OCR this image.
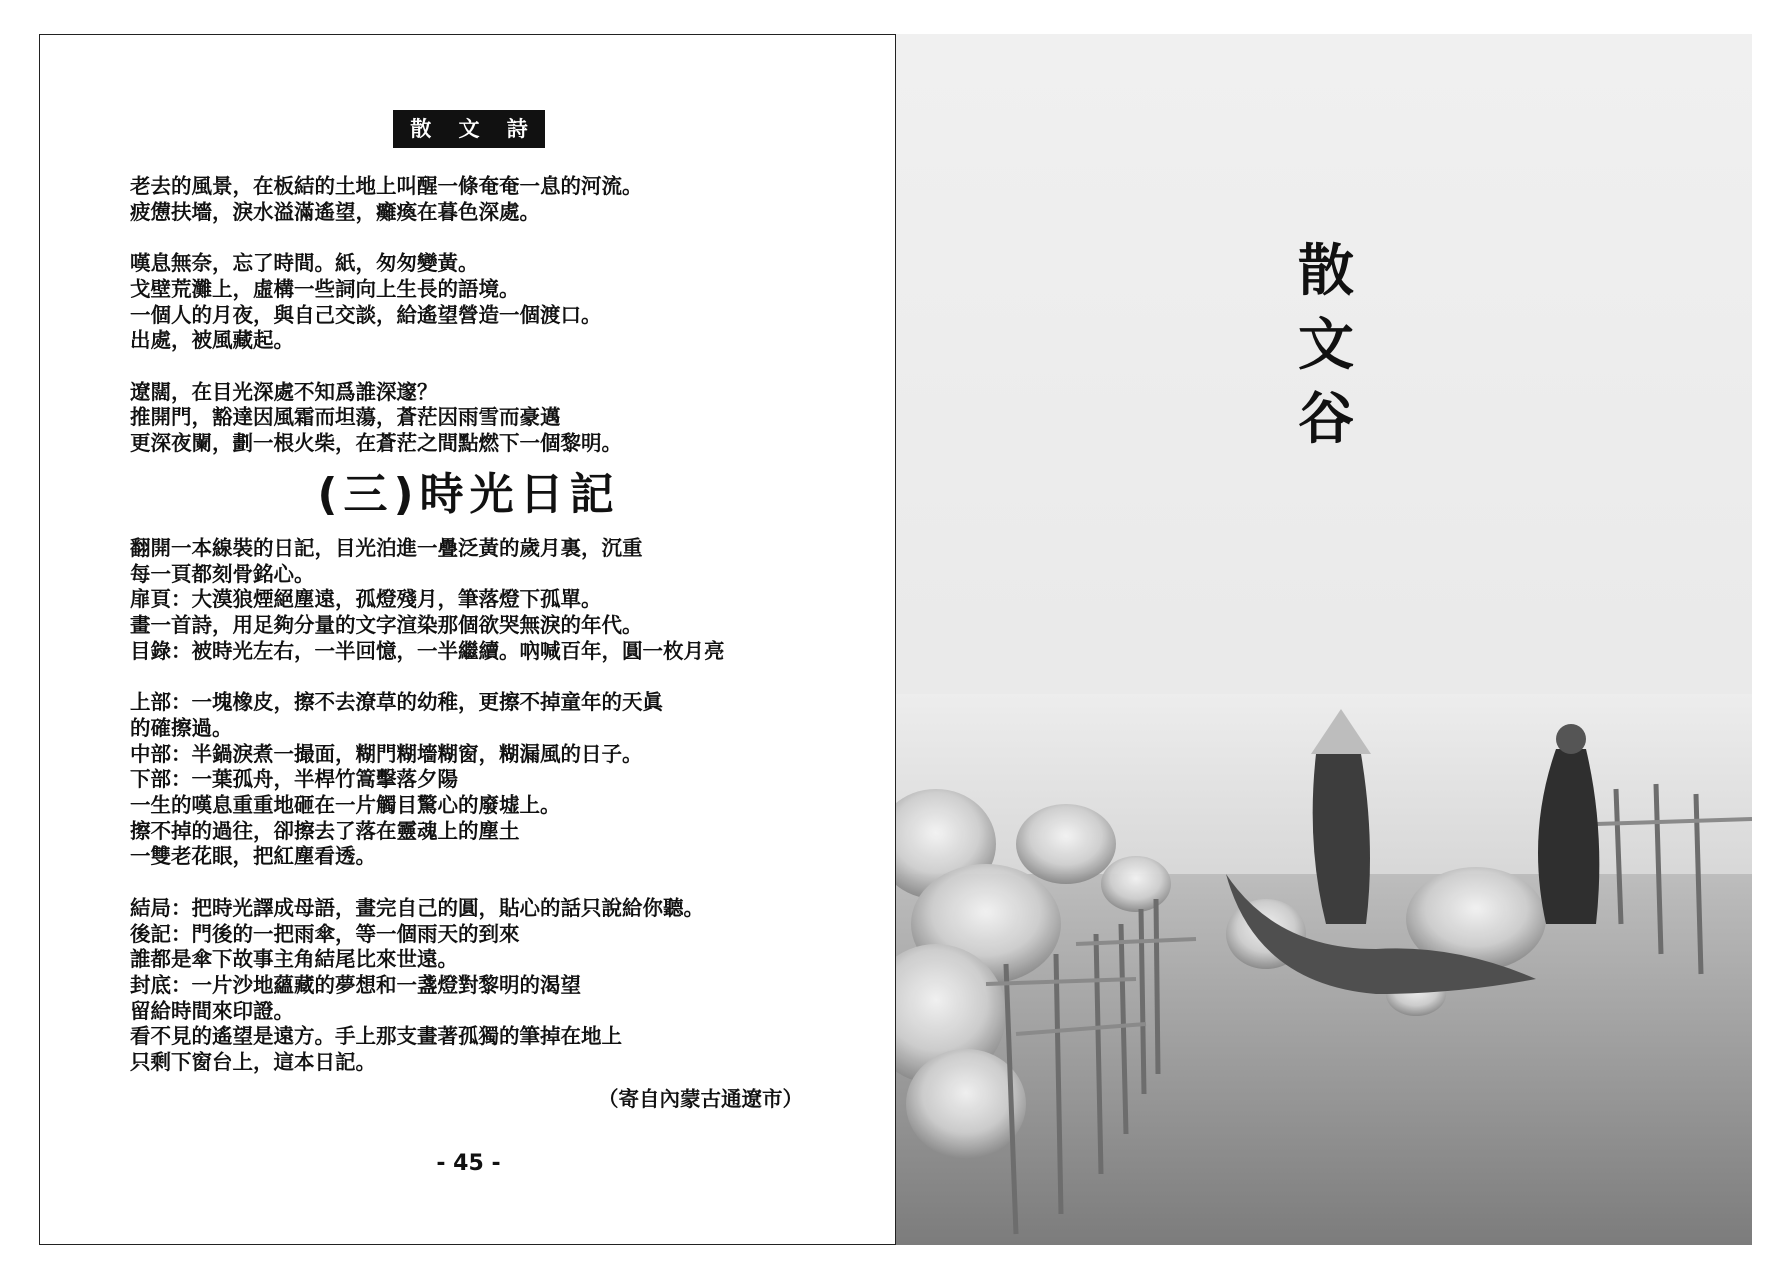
散 文 詩
老去的風景，在板結的土地上叫醒一條奄奄一息的河流。
疲憊扶墻，淚水溢滿遙望，癱瘓在暮色深處。
嘆息無奈，忘了時間。紙，匆匆變黃。
戈壁荒灘上，虛構一些詞向上生長的語境。
一個人的月夜，與自己交談，給遙望營造一個渡口。
出處，被風藏起。
遼闊，在目光深處不知爲誰深邃？
推開門，豁達因風霜而坦蕩，蒼茫因雨雪而豪邁
更深夜闌，劃一根火柴，在蒼茫之間點燃下一個黎明。
(三)時光日記
翻開一本線裝的日記，目光泊進一疊泛黃的歲月裏，沉重
每一頁都刻骨銘心。
扉頁：大漠狼煙絕塵遠，孤燈殘月，筆落燈下孤單。
畫一首詩，用足夠分量的文字渲染那個欲哭無淚的年代。
目錄：被時光左右，一半回憶，一半繼續。吶喊百年，圓一枚月亮
上部：一塊橡皮，擦不去潦草的幼稚，更擦不掉童年的天眞
的確擦過。
中部：半鍋淚煮一撮面，糊門糊墻糊窗，糊漏風的日子。
下部：一葉孤舟，半桿竹篙擊落夕陽
一生的嘆息重重地砸在一片觸目驚心的廢墟上。
擦不掉的過往，卻擦去了落在靈魂上的塵土
一雙老花眼，把紅塵看透。
結局：把時光譯成母語，畫完自己的圓，貼心的話只說給你聽。
後記：門後的一把雨傘，等一個雨天的到來
誰都是傘下故事主角結尾比來世遠。
封底：一片沙地蘊藏的夢想和一盞燈對黎明的渴望
留給時間來印證。
看不見的遙望是遠方。手上那支畫著孤獨的筆掉在地上
只剩下窗台上，這本日記。
（寄自內蒙古通遼市）
- 45 -
散
文
谷
